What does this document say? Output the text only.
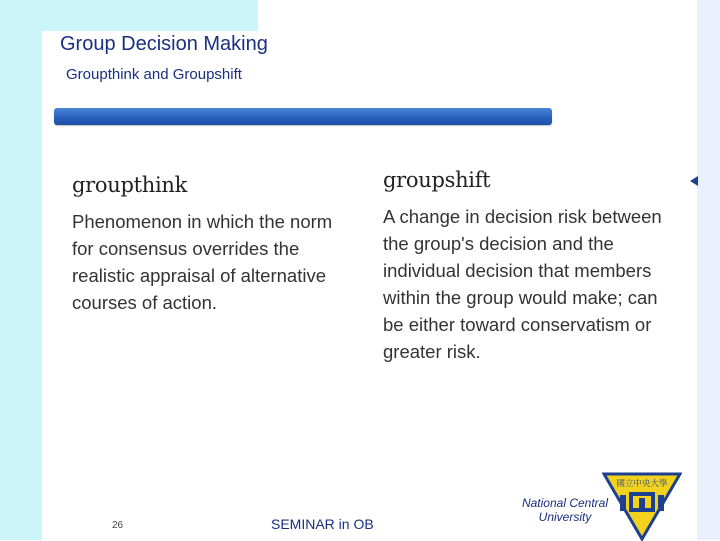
Group Decision Making
Groupthink and Groupshift
groupthink

Phenomenon in which the norm for consensus overrides the realistic appraisal of alternative courses of action.

groupshift

A change in decision risk between the group's decision and the individual decision that members within the group would make; can be either toward conservatism or greater risk.

26	SEMINAR in OB
National Central
University
國立中央大學
